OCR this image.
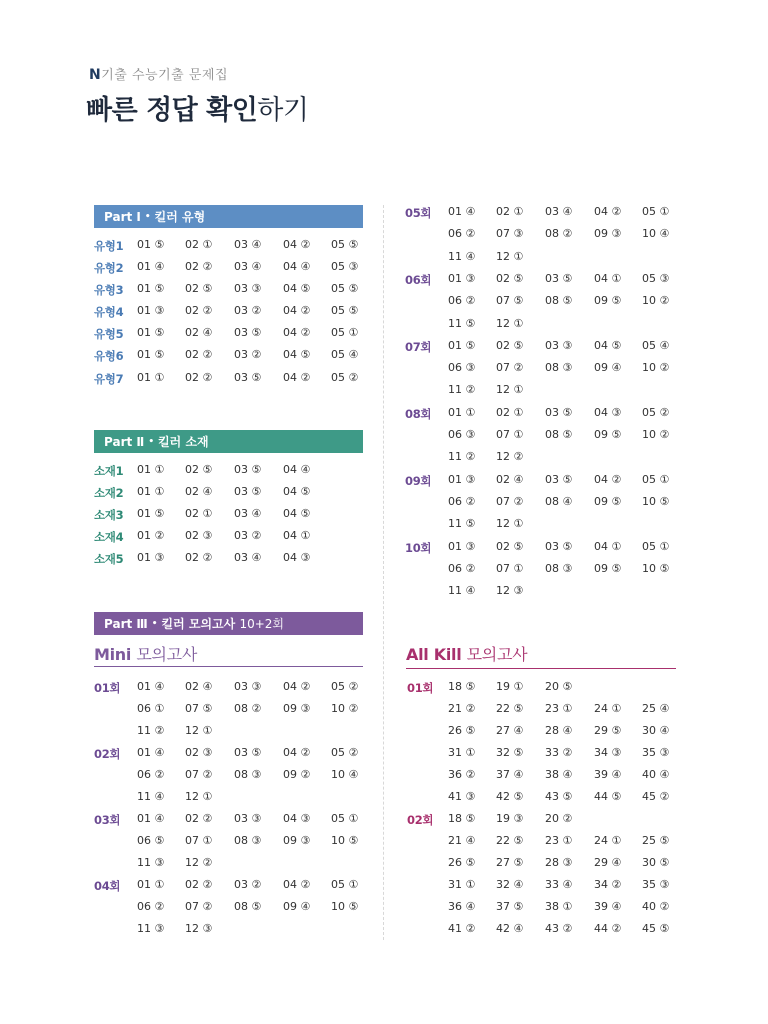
N기출 수능기출 문제집
빠른 정답 확인하기
Part Ⅰ • 킬러 유형
Part Ⅱ • 킬러 소재
Part Ⅲ • 킬러 모의고사
10+2회
Mini 모의고사	All Kill 모의고사
유형1 01 ⑤ 02 ① 03 ④ 04 ② 05 ⑤
유형2 01 ④ 02 ② 03 ④ 04 ④ 05 ③
유형3 01 ⑤ 02 ⑤ 03 ③ 04 ⑤ 05 ⑤
유형4 01 ③ 02 ② 03 ② 04 ② 05 ⑤
유형5 01 ⑤ 02 ④ 03 ⑤ 04 ② 05 ①
유형6 01 ⑤ 02 ② 03 ② 04 ⑤ 05 ④
유형7 01 ① 02 ② 03 ⑤ 04 ② 05 ②
소재1 01 ① 02 ⑤ 03 ⑤ 04 ④
소재2 01 ① 02 ④ 03 ⑤ 04 ⑤
소재3 01 ⑤ 02 ① 03 ④ 04 ⑤
소재4 01 ② 02 ③ 03 ② 04 ①
소재5 01 ③ 02 ② 03 ④ 04 ③
01회 01 ④ 02 ④ 03 ③ 04 ② 05 ②
06 ① 07 ⑤ 08 ② 09 ③ 10 ②
11 ② 12 ①
02회 01 ④ 02 ③ 03 ⑤ 04 ② 05 ②
06 ② 07 ② 08 ③ 09 ② 10 ④
11 ④ 12 ①
03회 01 ④ 02 ② 03 ③ 04 ③ 05 ①
06 ⑤ 07 ① 08 ③ 09 ③ 10 ⑤
11 ③ 12 ②
04회 01 ① 02 ② 03 ② 04 ② 05 ①
06 ② 07 ② 08 ⑤ 09 ④ 10 ⑤
11 ③ 12 ③
05회 01 ④ 02 ① 03 ④ 04 ② 05 ①
06 ② 07 ③ 08 ② 09 ③ 10 ④
11 ④ 12 ①
06회 01 ③ 02 ⑤ 03 ⑤ 04 ① 05 ③
06 ② 07 ⑤ 08 ⑤ 09 ⑤ 10 ②
11 ⑤ 12 ①
07회 01 ⑤ 02 ⑤ 03 ③ 04 ⑤ 05 ④
06 ③ 07 ② 08 ③ 09 ④ 10 ②
11 ② 12 ①
08회 01 ① 02 ① 03 ⑤ 04 ③ 05 ②
06 ③ 07 ① 08 ⑤ 09 ⑤ 10 ②
11 ② 12 ②
09회 01 ③ 02 ④ 03 ⑤ 04 ② 05 ①
06 ② 07 ② 08 ④ 09 ⑤ 10 ⑤
11 ⑤ 12 ①
10회 01 ③ 02 ⑤ 03 ⑤ 04 ① 05 ①
06 ② 07 ① 08 ③ 09 ⑤ 10 ⑤
11 ④ 12 ③
01회 18 ⑤ 19 ① 20 ⑤
21 ② 22 ⑤ 23 ① 24 ① 25 ④
26 ⑤ 27 ④ 28 ④ 29 ⑤ 30 ④
31 ① 32 ⑤ 33 ② 34 ③ 35 ③
36 ② 37 ④ 38 ④ 39 ④ 40 ④
41 ③ 42 ⑤ 43 ⑤ 44 ⑤ 45 ②
02회 18 ⑤ 19 ③ 20 ②
21 ④ 22 ⑤ 23 ① 24 ① 25 ⑤
26 ⑤ 27 ⑤ 28 ③ 29 ④ 30 ⑤
31 ① 32 ④ 33 ④ 34 ② 35 ③
36 ④ 37 ⑤ 38 ① 39 ④ 40 ②
41 ② 42 ④ 43 ② 44 ② 45 ⑤
